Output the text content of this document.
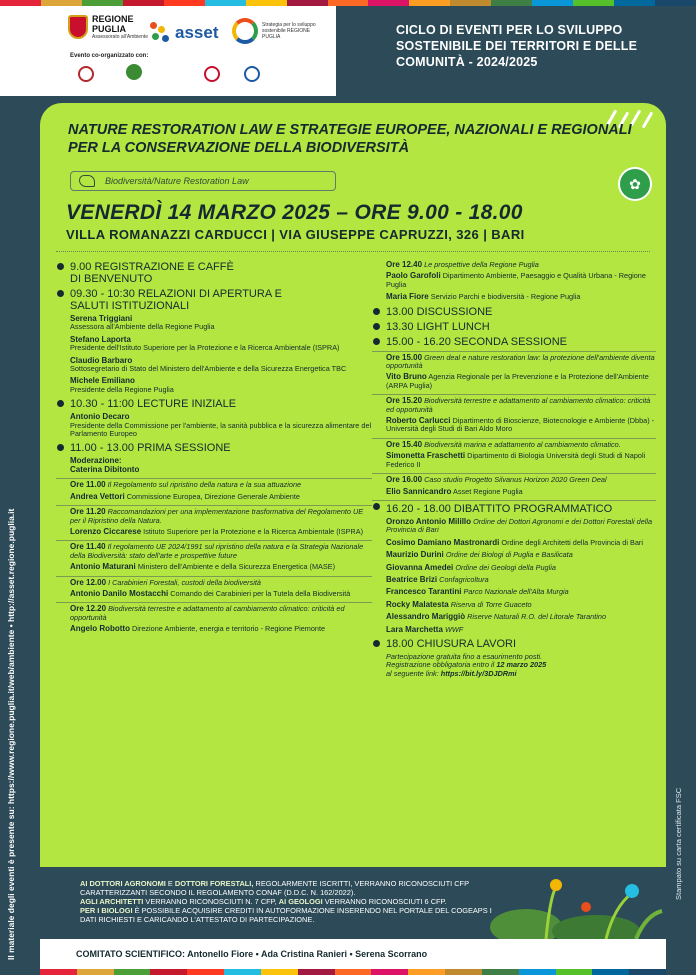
REGIONE PUGLIA
Assessorato all'Ambiente asset	Strategia per lo sviluppo sostenibile REGIONE PUGLIA
Evento co-organizzato con:
CICLO DI EVENTI PER LO SVILUPPO SOSTENIBILE DEI TERRITORI E DELLE COMUNITÀ - 2024/2025
Il materiale degli eventi è presente su: https://www.regione.puglia.it/web/ambiente • http://asset.regione.puglia.it	Stampato su carta certificata FSC
NATURE RESTORATION LAW E STRATEGIE EUROPEE, NAZIONALI E REGIONALI PER LA CONSERVAZIONE DELLA BIODIVERSITÀ
Biodiversità/Nature Restoration Law	✿
VENERDÌ 14 MARZO 2025 – ORE 9.00 - 18.00
VILLA ROMANAZZI CARDUCCI | VIA GIUSEPPE CAPRUZZI, 326 | BARI
9.00 REGISTRAZIONE E CAFFÈ DI BENVENUTO
09.30 - 10:30 RELAZIONI DI APERTURA E SALUTI ISTITUZIONALI
Serena Triggiani
Assessora all'Ambiente della Regione Puglia
Stefano Laporta
Presidente dell'Istituto Superiore per la Protezione e la Ricerca Ambientale (ISPRA)
Claudio Barbaro
Sottosegretario di Stato del Ministero dell'Ambiente e della Sicurezza Energetica TBC
Michele Emiliano
Presidente della Regione Puglia
10.30 - 11:00 LECTURE INIZIALE
Antonio Decaro
Presidente della Commissione per l'ambiente, la sanità pubblica e la sicurezza alimentare del Parlamento Europeo
11.00 - 13.00 PRIMA SESSIONE
Moderazione:
Caterina Dibitonto
Ore 11.00 Il Regolamento sul ripristino della natura e la sua attuazione
Andrea Vettori Commissione Europea, Direzione Generale Ambiente
Ore 11.20 Raccomandazioni per una implementazione trasformativa del Regolamento UE per il Ripristino della Natura.
Lorenzo Ciccarese Istituto Superiore per la Protezione e la Ricerca Ambientale (ISPRA)
Ore 11.40 Il regolamento UE 2024/1991 sul ripristino della natura e la Strategia Nazionale della Biodiversità: stato dell'arte e prospettive future
Antonio Maturani Ministero dell'Ambiente e della Sicurezza Energetica (MASE)
Ore 12.00 I Carabinieri Forestali, custodi della biodiversità
Antonio Danilo Mostacchi Comando dei Carabinieri per la Tutela della Biodiversità
Ore 12.20 Biodiversità terrestre e adattamento al cambiamento climatico: criticità ed opportunità
Angelo Robotto Direzione Ambiente, energia e territorio - Regione Piemonte
Ore 12.40 Le prospettive della Regione Puglia
Paolo Garofoli Dipartimento Ambiente, Paesaggio e Qualità Urbana - Regione Puglia
Maria Fiore Servizio Parchi e biodiversità - Regione Puglia
13.00 DISCUSSIONE
13.30 LIGHT LUNCH
15.00 - 16.20 SECONDA SESSIONE
Ore 15.00 Green deal e nature restoration law: la protezione dell'ambiente diventa opportunità
Vito Bruno Agenzia Regionale per la Prevenzione e la Protezione dell'Ambiente (ARPA Puglia)
Ore 15.20 Biodiversità terrestre e adattamento al cambiamento climatico: criticità ed opportunità
Roberto Carlucci Dipartimento di Bioscienze, Biotecnologie e Ambiente (Dbba) - Università degli Studi di Bari Aldo Moro
Ore 15.40 Biodiversità marina e adattamento al cambiamento climatico.
Simonetta Fraschetti Dipartimento di Biologia Università degli Studi di Napoli Federico II
Ore 16.00 Caso studio Progetto Silvanus Horizon 2020 Green Deal
Elio Sannicandro Asset Regione Puglia
16.20 - 18.00 DIBATTITO PROGRAMMATICO
Oronzo Antonio Milillo Ordine dei Dottori Agronomi e dei Dottori Forestali della Provincia di Bari
Cosimo Damiano Mastronardi Ordine degli Architetti della Provincia di Bari
Maurizio Durini Ordine dei Biologi di Puglia e Basilicata
Giovanna Amedei Ordine dei Geologi della Puglia
Beatrice Brizi Confagricoltura
Francesco Tarantini Parco Nazionale dell'Alta Murgia
Rocky Malatesta Riserva di Torre Guaceto
Alessandro Mariggiò Riserve Naturali R.O. del Litorale Tarantino
Lara Marchetta WWF
18.00 CHIUSURA LAVORI
Partecipazione gratuita fino a esaurimento posti.
Registrazione obbligatoria entro il 12 marzo 2025
al seguente link: https://bit.ly/3DJDRmi
AI DOTTORI AGRONOMI E DOTTORI FORESTALI, REGOLARMENTE ISCRITTI, VERRANNO RICONOSCIUTI CFP CARATTERIZZANTI SECONDO IL REGOLAMENTO CONAF (D.D.C. N. 162/2022).
AGLI ARCHITETTI VERRANNO RICONOSCIUTI N. 7 CFP, AI GEOLOGI VERRANNO RICONOSCIUTI 6 CFP.
PER I BIOLOGI È POSSIBILE ACQUISIRE CREDITI IN AUTOFORMAZIONE INSERENDO NEL PORTALE DEL COGEAPS I DATI RICHIESTI E CARICANDO L'ATTESTATO DI PARTECIPAZIONE.
COMITATO SCIENTIFICO: Antonello Fiore • Ada Cristina Ranieri • Serena Scorrano
